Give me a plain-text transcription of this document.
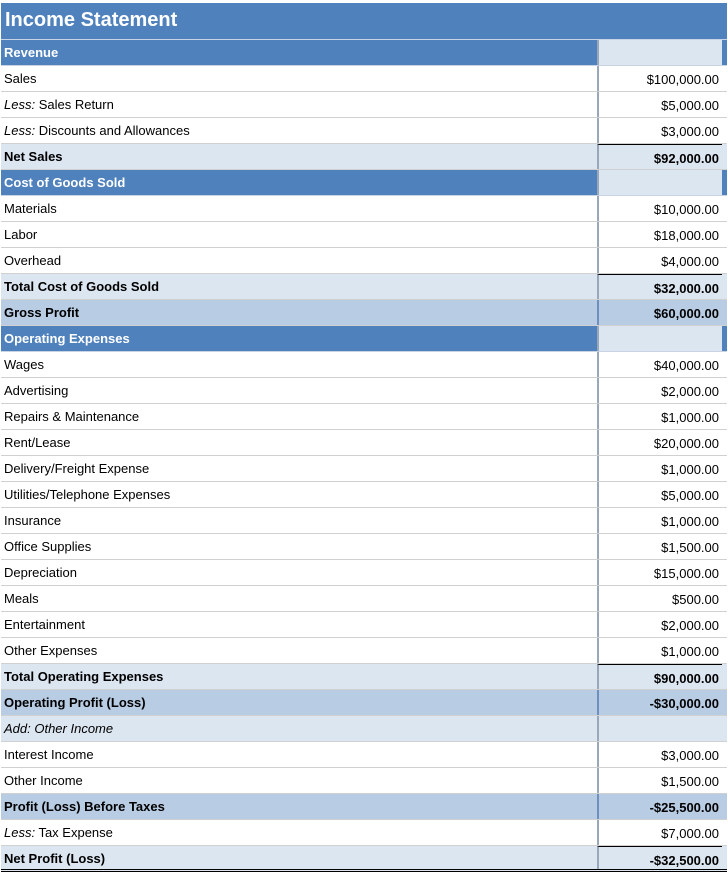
Income Statement
Revenue
Sales	$100,000.00
Less: Sales Return	$5,000.00
Less: Discounts and Allowances	$3,000.00
Net Sales	$92,000.00
Cost of Goods Sold
Materials	$10,000.00
Labor	$18,000.00
Overhead	$4,000.00
Total Cost of Goods Sold	$32,000.00
Gross Profit	$60,000.00
Operating Expenses
Wages	$40,000.00
Advertising	$2,000.00
Repairs & Maintenance	$1,000.00
Rent/Lease	$20,000.00
Delivery/Freight Expense	$1,000.00
Utilities/Telephone Expenses	$5,000.00
Insurance	$1,000.00
Office Supplies	$1,500.00
Depreciation	$15,000.00
Meals	$500.00
Entertainment	$2,000.00
Other Expenses	$1,000.00
Total Operating Expenses	$90,000.00
Operating Profit (Loss)	-$30,000.00
Add: Other Income
Interest Income	$3,000.00
Other Income	$1,500.00
Profit (Loss) Before Taxes	-$25,500.00
Less: Tax Expense	$7,000.00
Net Profit (Loss)	-$32,500.00
